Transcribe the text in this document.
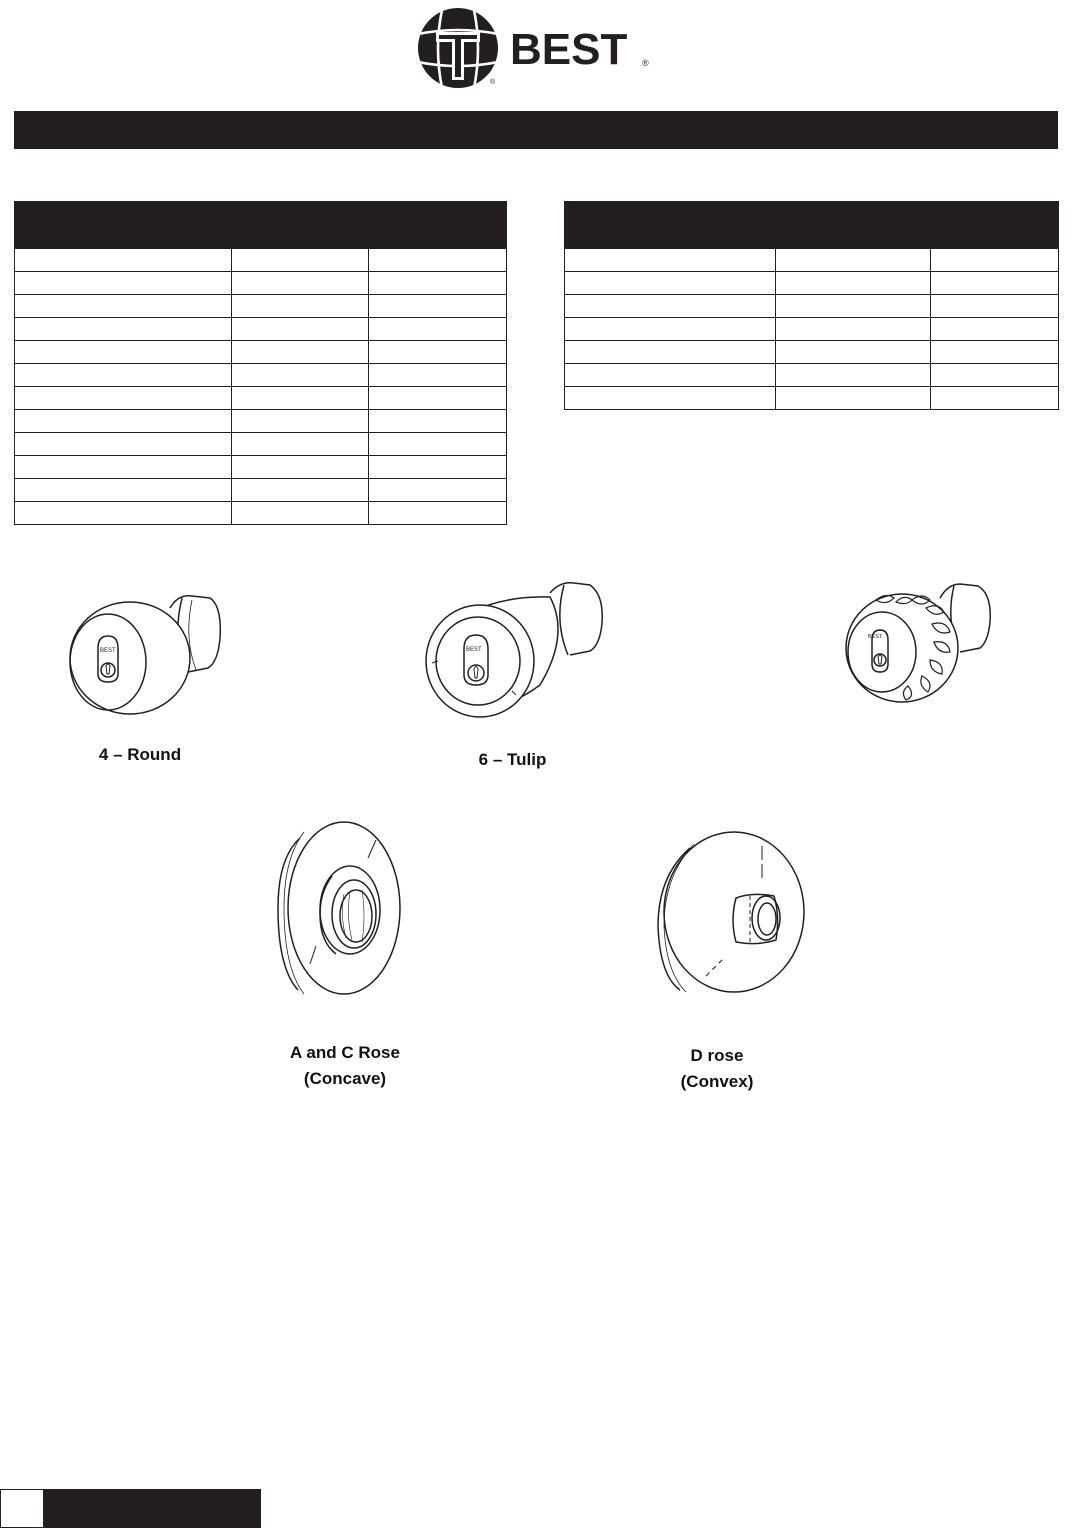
BEST ®
®

BEST
4 – Round
BEST
6 – Tulip
BEST
A and C Rose
(Concave)
D rose
(Convex)
